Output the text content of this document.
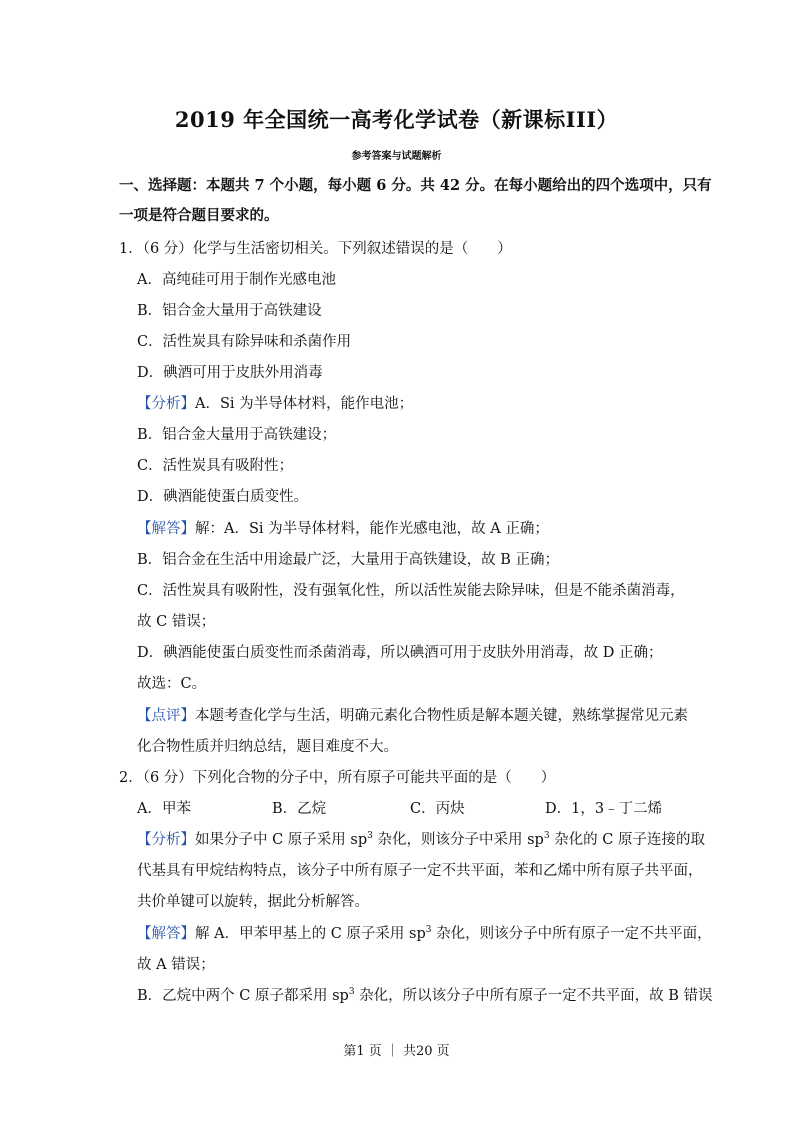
2019 年全国统一高考化学试卷（新课标III）
参考答案与试题解析
一、选择题：本题共 7 个小题，每小题 6 分。共 42 分。在每小题给出的四个选项中，只有
一项是符合题目要求的。
1．（6 分）化学与生活密切相关。下列叙述错误的是（　　）
A．高纯硅可用于制作光感电池
B．铝合金大量用于高铁建设
C．活性炭具有除异味和杀菌作用
D．碘酒可用于皮肤外用消毒
【分析】A．Si 为半导体材料，能作电池；
B．铝合金大量用于高铁建设；
C．活性炭具有吸附性；
D．碘酒能使蛋白质变性。
【解答】解：A．Si 为半导体材料，能作光感电池，故 A 正确；
B．铝合金在生活中用途最广泛，大量用于高铁建设，故 B 正确；
C．活性炭具有吸附性，没有强氧化性，所以活性炭能去除异味，但是不能杀菌消毒，
故 C 错误；
D．碘酒能使蛋白质变性而杀菌消毒，所以碘酒可用于皮肤外用消毒，故 D 正确；
故选：C。
【点评】本题考查化学与生活，明确元素化合物性质是解本题关键，熟练掌握常见元素
化合物性质并归纳总结，题目难度不大。
2．（6 分）下列化合物的分子中，所有原子可能共平面的是（　　）
A．甲苯	B．乙烷	C．丙炔	D．1，3﹣丁二烯
【分析】如果分子中 C 原子采用 $sp^3$ 杂化，则该分子中采用 $sp^3$ 杂化的 C 原子连接的取
代基具有甲烷结构特点，该分子中所有原子一定不共平面，苯和乙烯中所有原子共平面，
共价单键可以旋转，据此分析解答。
【解答】解 A．甲苯甲基上的 C 原子采用 $sp^3$ 杂化，则该分子中所有原子一定不共平面，
故 A 错误；
B．乙烷中两个 C 原子都采用 $sp^3$ 杂化，所以该分子中所有原子一定不共平面，故 B 错误
第1 页 ｜ 共20 页
